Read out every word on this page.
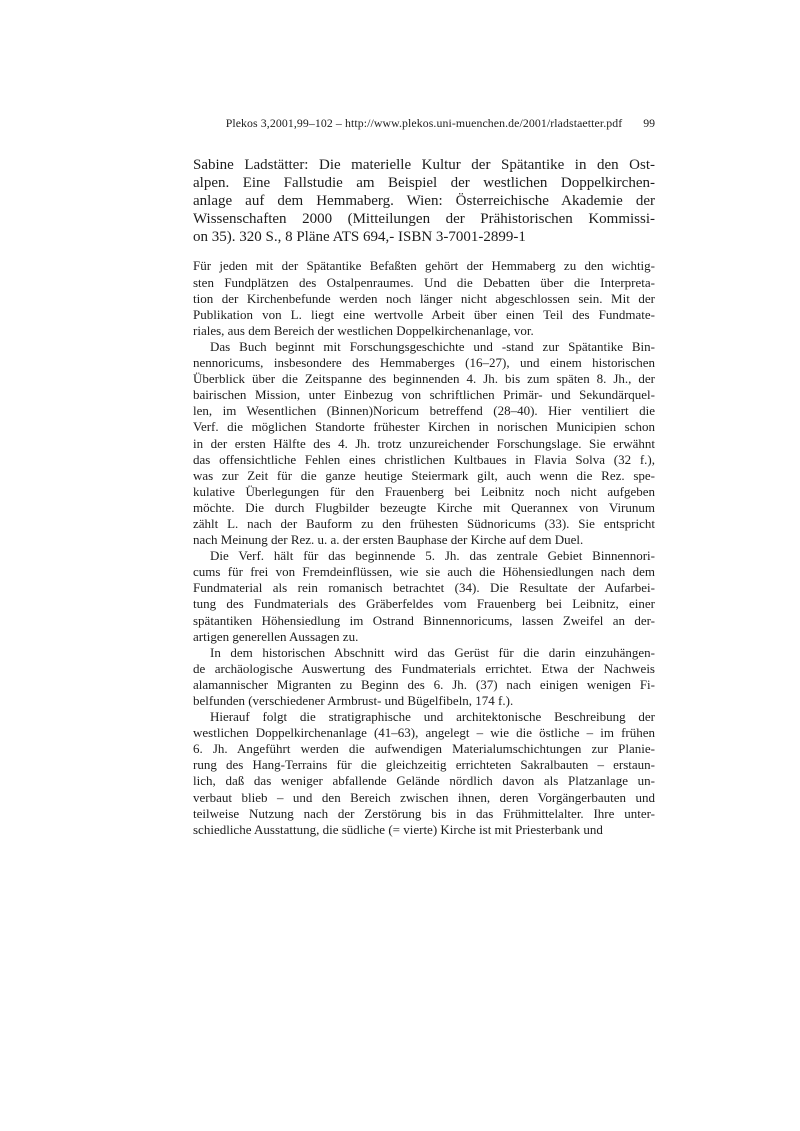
Plekos 3,2001,99–102 – http://www.plekos.uni-muenchen.de/2001/rladstaetter.pdf	99
Sabine Ladstätter: Die materielle Kultur der Spätantike in den Ost-
alpen. Eine Fallstudie am Beispiel der westlichen Doppelkirchen-
anlage auf dem Hemmaberg. Wien: Österreichische Akademie der
Wissenschaften 2000 (Mitteilungen der Prähistorischen Kommissi-
on 35). 320 S., 8 Pläne ATS 694,- ISBN 3-7001-2899-1
Für jeden mit der Spätantike Befaßten gehört der Hemmaberg zu den wichtig-
sten Fundplätzen des Ostalpenraumes. Und die Debatten über die Interpreta-
tion der Kirchenbefunde werden noch länger nicht abgeschlossen sein. Mit der
Publikation von L. liegt eine wertvolle Arbeit über einen Teil des Fundmate-
riales, aus dem Bereich der westlichen Doppelkirchenanlage, vor.
Das Buch beginnt mit Forschungsgeschichte und -stand zur Spätantike Bin-
nennoricums, insbesondere des Hemmaberges (16–27), und einem historischen
Überblick über die Zeitspanne des beginnenden 4. Jh. bis zum späten 8. Jh., der
bairischen Mission, unter Einbezug von schriftlichen Primär- und Sekundärquel-
len, im Wesentlichen (Binnen)Noricum betreffend (28–40). Hier ventiliert die
Verf. die möglichen Standorte frühester Kirchen in norischen Municipien schon
in der ersten Hälfte des 4. Jh. trotz unzureichender Forschungslage. Sie erwähnt
das offensichtliche Fehlen eines christlichen Kultbaues in Flavia Solva (32 f.),
was zur Zeit für die ganze heutige Steiermark gilt, auch wenn die Rez. spe-
kulative Überlegungen für den Frauenberg bei Leibnitz noch nicht aufgeben
möchte. Die durch Flugbilder bezeugte Kirche mit Querannex von Virunum
zählt L. nach der Bauform zu den frühesten Südnoricums (33). Sie entspricht
nach Meinung der Rez. u. a. der ersten Bauphase der Kirche auf dem Duel.
Die Verf. hält für das beginnende 5. Jh. das zentrale Gebiet Binnennori-
cums für frei von Fremdeinflüssen, wie sie auch die Höhensiedlungen nach dem
Fundmaterial als rein romanisch betrachtet (34). Die Resultate der Aufarbei-
tung des Fundmaterials des Gräberfeldes vom Frauenberg bei Leibnitz, einer
spätantiken Höhensiedlung im Ostrand Binnennoricums, lassen Zweifel an der-
artigen generellen Aussagen zu.
In dem historischen Abschnitt wird das Gerüst für die darin einzuhängen-
de archäologische Auswertung des Fundmaterials errichtet. Etwa der Nachweis
alamannischer Migranten zu Beginn des 6. Jh. (37) nach einigen wenigen Fi-
belfunden (verschiedener Armbrust- und Bügelfibeln, 174 f.).
Hierauf folgt die stratigraphische und architektonische Beschreibung der
westlichen Doppelkirchenanlage (41–63), angelegt – wie die östliche – im frühen
6. Jh. Angeführt werden die aufwendigen Materialumschichtungen zur Planie-
rung des Hang-Terrains für die gleichzeitig errichteten Sakralbauten – erstaun-
lich, daß das weniger abfallende Gelände nördlich davon als Platzanlage un-
verbaut blieb – und den Bereich zwischen ihnen, deren Vorgängerbauten und
teilweise Nutzung nach der Zerstörung bis in das Frühmittelalter. Ihre unter-
schiedliche Ausstattung, die südliche (= vierte) Kirche ist mit Priesterbank und
